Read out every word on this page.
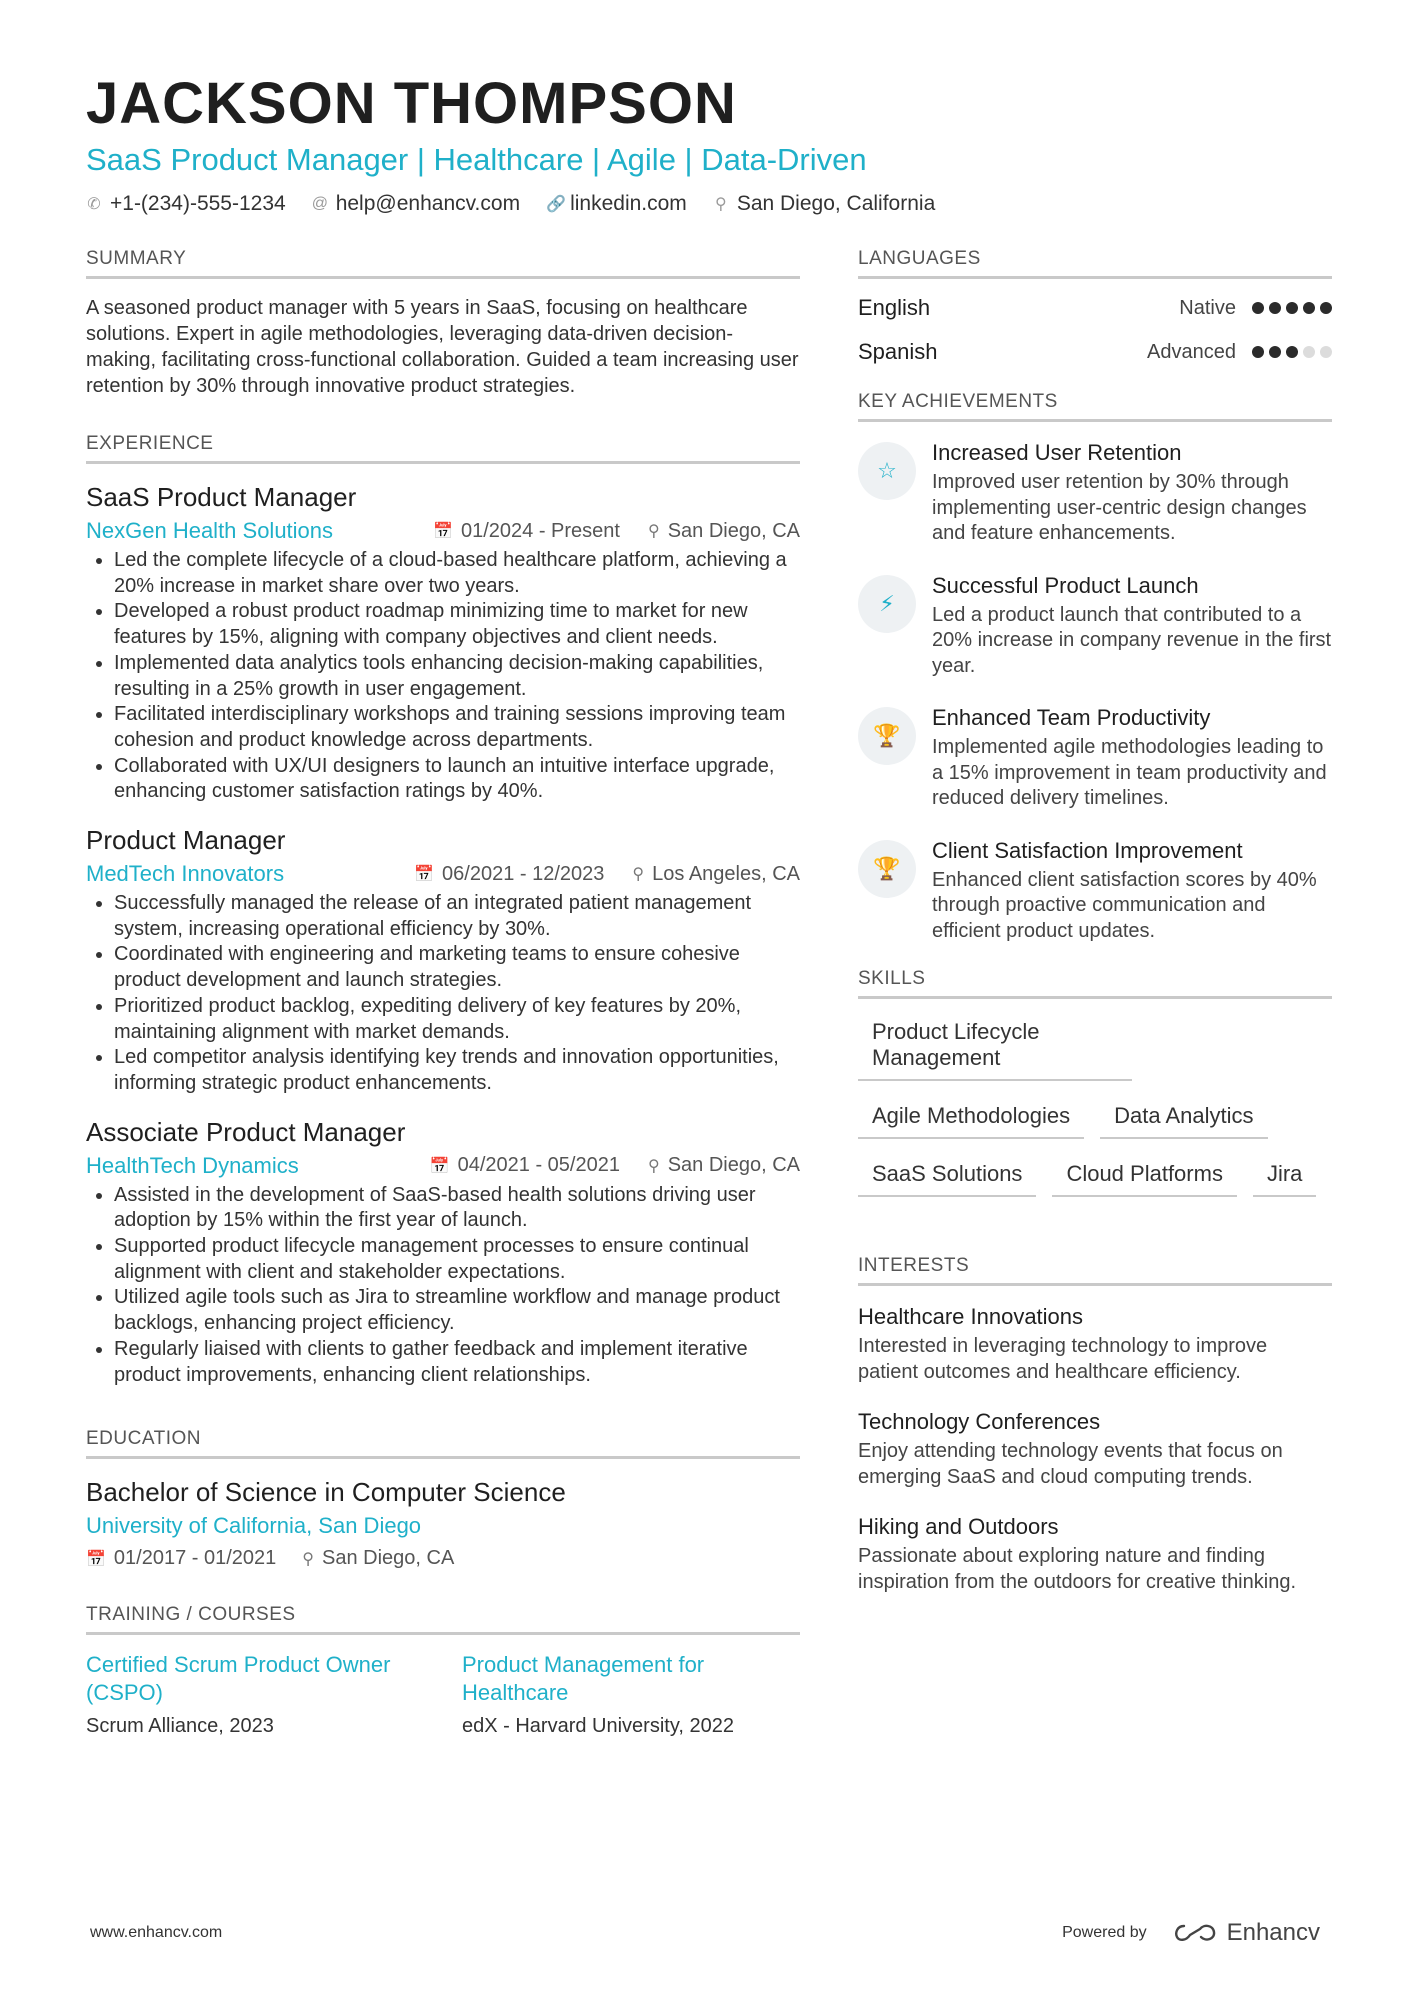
JACKSON THOMPSON
SaaS Product Manager | Healthcare | Agile | Data-Driven
✆ +1-(234)-555-1234 @ help@enhancv.com 🔗 linkedin.com ⚲ San Diego, California
SUMMARY
A seasoned product manager with 5 years in SaaS, focusing on healthcare solutions. Expert in agile methodologies, leveraging data-driven decision-making, facilitating cross-functional collaboration. Guided a team increasing user retention by 30% through innovative product strategies.
EXPERIENCE
SaaS Product Manager
NexGen Health Solutions	📅 01/2024 - Present ⚲ San Diego, CA
• Led the complete lifecycle of a cloud-based healthcare platform, achieving a 20% increase in market share over two years.
• Developed a robust product roadmap minimizing time to market for new features by 15%, aligning with company objectives and client needs.
• Implemented data analytics tools enhancing decision-making capabilities, resulting in a 25% growth in user engagement.
• Facilitated interdisciplinary workshops and training sessions improving team cohesion and product knowledge across departments.
• Collaborated with UX/UI designers to launch an intuitive interface upgrade, enhancing customer satisfaction ratings by 40%.
Product Manager
MedTech Innovators	📅 06/2021 - 12/2023 ⚲ Los Angeles, CA
• Successfully managed the release of an integrated patient management system, increasing operational efficiency by 30%.
• Coordinated with engineering and marketing teams to ensure cohesive product development and launch strategies.
• Prioritized product backlog, expediting delivery of key features by 20%, maintaining alignment with market demands.
• Led competitor analysis identifying key trends and innovation opportunities, informing strategic product enhancements.
Associate Product Manager
HealthTech Dynamics	📅 04/2021 - 05/2021 ⚲ San Diego, CA
• Assisted in the development of SaaS-based health solutions driving user adoption by 15% within the first year of launch.
• Supported product lifecycle management processes to ensure continual alignment with client and stakeholder expectations.
• Utilized agile tools such as Jira to streamline workflow and manage product backlogs, enhancing project efficiency.
• Regularly liaised with clients to gather feedback and implement iterative product improvements, enhancing client relationships.
EDUCATION
Bachelor of Science in Computer Science
University of California, San Diego
📅 01/2017 - 01/2021 ⚲ San Diego, CA
TRAINING / COURSES
Certified Scrum Product Owner (CSPO)
Scrum Alliance, 2023
Product Management for Healthcare
edX - Harvard University, 2022
LANGUAGES
English	Native
Spanish	Advanced
KEY ACHIEVEMENTS
☆
Increased User Retention
Improved user retention by 30% through implementing user-centric design changes and feature enhancements.
⚡
Successful Product Launch
Led a product launch that contributed to a 20% increase in company revenue in the first year.
🏆
Enhanced Team Productivity
Implemented agile methodologies leading to a 15% improvement in team productivity and reduced delivery timelines.
🏆
Client Satisfaction Improvement
Enhanced client satisfaction scores by 40% through proactive communication and efficient product updates.
SKILLS
Product Lifecycle Management
Agile Methodologies	Data Analytics
SaaS Solutions	Cloud Platforms	Jira
INTERESTS
Healthcare Innovations
Interested in leveraging technology to improve patient outcomes and healthcare efficiency.
Technology Conferences
Enjoy attending technology events that focus on emerging SaaS and cloud computing trends.
Hiking and Outdoors
Passionate about exploring nature and finding inspiration from the outdoors for creative thinking.
www.enhancv.com	Powered by	Enhancv
